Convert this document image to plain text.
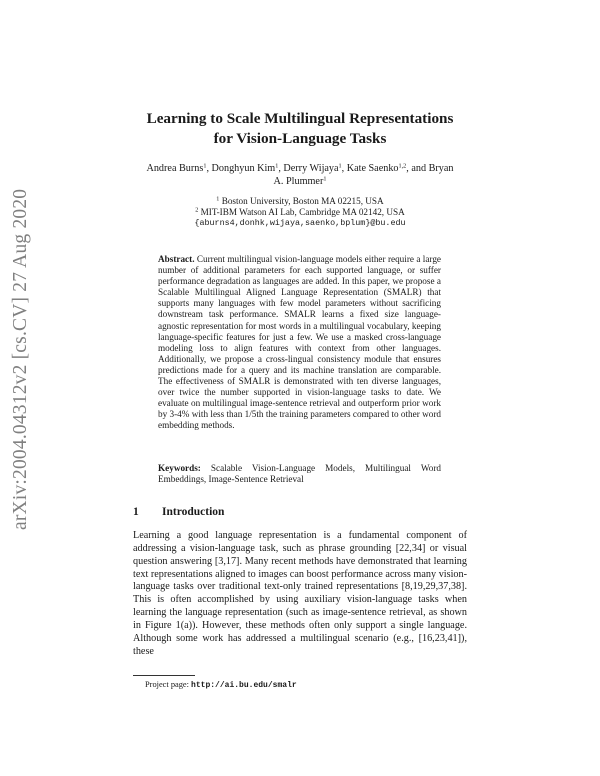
arXiv:2004.04312v2 [cs.CV] 27 Aug 2020
Learning to Scale Multilingual Representations
for Vision-Language Tasks
Andrea Burns$^1$, Donghyun Kim$^1$, Derry Wijaya$^1$, Kate Saenko$^{1,2}$, and Bryan
A. Plummer$^1$
$^1$ Boston University, Boston MA 02215, USA
$^2$ MIT-IBM Watson AI Lab, Cambridge MA 02142, USA
{aburns4,donhk,wijaya,saenko,bplum}@bu.edu
Abstract. Current multilingual vision-language models either require a large number of additional parameters for each supported language, or suffer performance degradation as languages are added. In this paper, we propose a Scalable Multilingual Aligned Language Representation (SMALR) that supports many languages with few model parameters without sacrificing downstream task performance. SMALR learns a fixed size language-agnostic representation for most words in a multilingual vocabulary, keeping language-specific features for just a few. We use a masked cross-language modeling loss to align features with context from other languages. Additionally, we propose a cross-lingual consistency module that ensures predictions made for a query and its machine translation are comparable. The effectiveness of SMALR is demonstrated with ten diverse languages, over twice the number supported in vision-language tasks to date. We evaluate on multilingual image-sentence retrieval and outperform prior work by 3-4% with less than 1/5th the training parameters compared to other word embedding methods.
Keywords: Scalable Vision-Language Models, Multilingual Word Embeddings, Image-Sentence Retrieval
1 Introduction
Learning a good language representation is a fundamental component of addressing a vision-language task, such as phrase grounding [22,34] or visual question answering [3,17]. Many recent methods have demonstrated that learning text representations aligned to images can boost performance across many vision-language tasks over traditional text-only trained representations [8,19,29,37,38]. This is often accomplished by using auxiliary vision-language tasks when learning the language representation (such as image-sentence retrieval, as shown in Figure 1(a)). However, these methods often only support a single language. Although some work has addressed a multilingual scenario (e.g., [16,23,41]), these
Project page: http://ai.bu.edu/smalr
